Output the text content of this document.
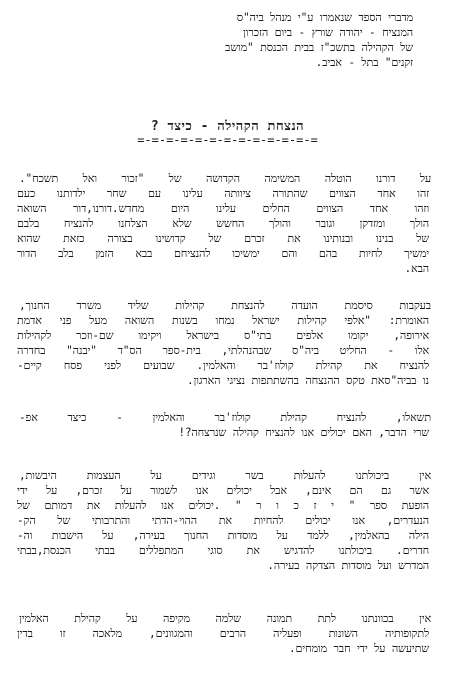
מדברי הספד שנאמרו ע"י מנהל ביה"ס
המנציח - יהודה שורץ - ביום הזכרון
של הקהילה בתשכ"ז בבית הכנסת "מושב
זקנים" בתל - אביב.
הנצחת הקהילה - כיצד ?
=-=-=-=-=-=-=-=-=-=-=-=-=
על דורנו הוטלה המשימה הקדושה של "זכור ואל תשכח".
זהו אחד הצווים שהתורה ציוותה עלינו עם שחר ילדותנו כעם
וזהו אחד הצווים החלים עלינו היום מחדש.דורנו,דור השואה
הולך ומזדקן וגובר והולך החשש שלא הצלחנו להנציח בלבם
של בנינו ובנותינו את זכרם של קדושינו בצורה כזאת שהוא
ימשיך לחיות בהם והם ימשיכו להנציחם בבא הזמן בלב הדור
הבא.
בעקבות סיסמת הועדה להנצחת קהילות שליד משרד החנוך,
האומרת: "אלפי קהילות ישראל נמחו בשנות השואה מעל פני אדמת
אירופה, יקומו אלפים בתי"ס בישראל ויקימו שם-וזכר לקהילות
אלו - החליט ביה"ס שבהנהלתי, בית-ספר הס"ד "יבנה" בחדרה
להנציח את קהילת קולוז'בר והאלמין. שבועים לפני פסח קיים-
נו בביה"סאת טקס ההנצחה בהשתתפות נציגי הארגון.
תשאלו, להנציח קהילת קולוז'בר והאלמין - כיצד אפ-
שרי הדבר, האם יכולים אנו להנציח קהילה שנרצחה?!
אין ביכולתנו להעלות בשר וגידים על העצמות היבשות,
אשר גם הם אינם, אבל יכולים אנו לשמור על זכרם, על ידי
הופעת ספר " י ז כ ו ר " .יכולים אנו להעלות את דמותם של
הנעדרים, אנו יכולים להחיות את ההוי-הדתי והתרבותי של הק-
הילה בהאלמין, ללמד על מוסדות החנוך בעירה, על הישבות וה-
חדרים. ביכולתנו להדגיש את סוגי המתפללים בבתי הכנסת,בבתי
המדרש ועל מוסדות הצדקה בעירה.
אין בכוונתנו לתת תמונה שלמה מקיפה על קהילת האלמין
לתקופותיה השונות ופעליה הרבים והמגוונים, מלאכה זו בדין
שתיעשה על ידי חבר מומחים.
